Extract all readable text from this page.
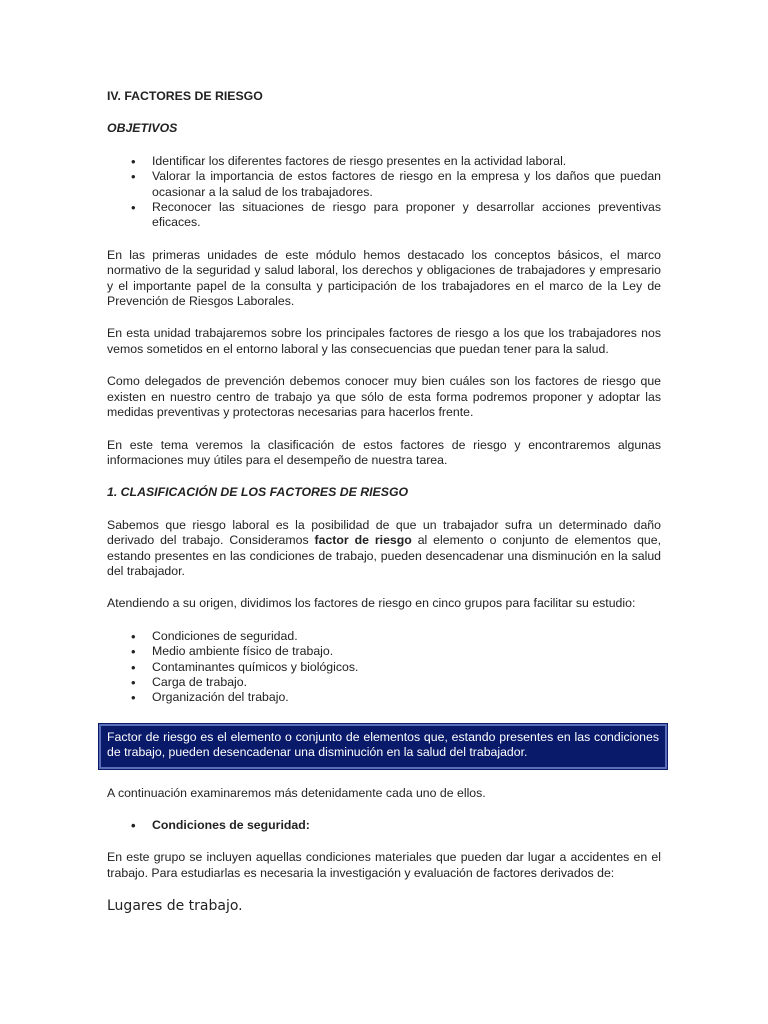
IV. FACTORES DE RIESGO
OBJETIVOS
• Identificar los diferentes factores de riesgo presentes en la actividad laboral.
• Valorar la importancia de estos factores de riesgo en la empresa y los daños que puedan ocasionar a la salud de los trabajadores.
• Reconocer las situaciones de riesgo para proponer y desarrollar acciones preventivas eficaces.

En las primeras unidades de este módulo hemos destacado los conceptos básicos, el marco normativo de la seguridad y salud laboral, los derechos y obligaciones de trabajadores y empresario y el importante papel de la consulta y participación de los trabajadores en el marco de la Ley de Prevención de Riesgos Laborales.

En esta unidad trabajaremos sobre los principales factores de riesgo a los que los trabajadores nos vemos sometidos en el entorno laboral y las consecuencias que puedan tener para la salud.

Como delegados de prevención debemos conocer muy bien cuáles son los factores de riesgo que existen en nuestro centro de trabajo ya que sólo de esta forma podremos proponer y adoptar las medidas preventivas y protectoras necesarias para hacerlos frente.

En este tema veremos la clasificación de estos factores de riesgo y encontraremos algunas informaciones muy útiles para el desempeño de nuestra tarea.

1. CLASIFICACIÓN DE LOS FACTORES DE RIESGO

Sabemos que riesgo laboral es la posibilidad de que un trabajador sufra un determinado daño derivado del trabajo. Consideramos factor de riesgo al elemento o conjunto de elementos que, estando presentes en las condiciones de trabajo, pueden desencadenar una disminución en la salud del trabajador.

Atendiendo a su origen, dividimos los factores de riesgo en cinco grupos para facilitar su estudio:

• Condiciones de seguridad.
• Medio ambiente físico de trabajo.
• Contaminantes químicos y biológicos.
• Carga de trabajo.
• Organización del trabajo.
Factor de riesgo es el elemento o conjunto de elementos que, estando presentes en las condiciones de trabajo, pueden desencadenar una disminución en la salud del trabajador.

A continuación examinaremos más detenidamente cada uno de ellos.

• Condiciones de seguridad:

En este grupo se incluyen aquellas condiciones materiales que pueden dar lugar a accidentes en el trabajo. Para estudiarlas es necesaria la investigación y evaluación de factores derivados de:

Lugares de trabajo.
